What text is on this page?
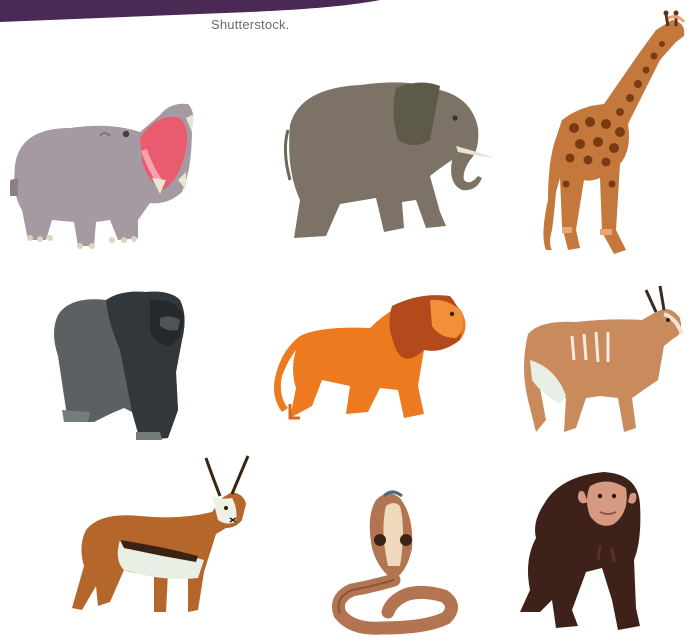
Shutterstock.
